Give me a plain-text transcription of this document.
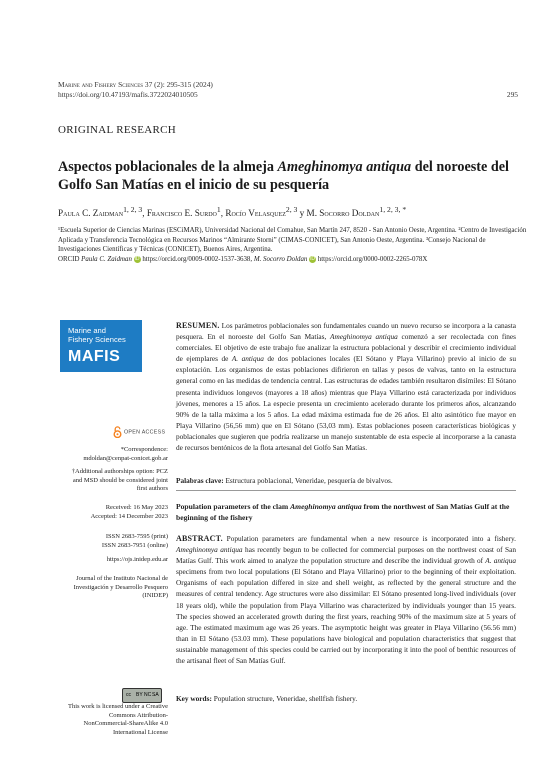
Marine and Fishery Sciences 37 (2): 295-315 (2024)
https://doi.org/10.47193/mafis.3722024010505	295
ORIGINAL RESEARCH
Aspectos poblacionales de la almeja Ameghinomya antiqua del noroeste del Golfo San Matías en el inicio de su pesquería
Paula C. Zaidman$^{1, 2, 3}$, Francisco E. Surdo$^1$, Rocío Velasquez$^{2, 3}$ y M. Socorro Doldan$^{1, 2, 3, *}$
¹Escuela Superior de Ciencias Marinas (ESCiMAR), Universidad Nacional del Comahue, San Martín 247, 8520 - San Antonio Oeste, Argentina. ²Centro de Investigación Aplicada y Transferencia Tecnológica en Recursos Marinos “Almirante Storni” (CIMAS-CONICET), San Antonio Oeste, Argentina. ³Consejo Nacional de Investigaciones Científicas y Técnicas (CONICET), Buenos Aires, Argentina.
ORCID Paula C. Zaidman iD https://orcid.org/0009-0002-1537-3638, M. Socorro Doldan iD https://orcid.org/0000-0002-2265-078X
Marine and
Fishery Sciences
MAFIS
RESUMEN. Los parámetros poblacionales son fundamentales cuando un nuevo recurso se incorpora a la canasta pesquera. En el noroeste del Golfo San Matías, Ameghinomya antiqua comenzó a ser recolectada con fines comerciales. El objetivo de este trabajo fue analizar la estructura poblacional y describir el crecimiento individual de ejemplares de A. antiqua de dos poblaciones locales (El Sótano y Playa Villarino) previo al inicio de su explotación. Los organismos de estas poblaciones difirieron en tallas y pesos de valvas, tanto en la estructura general como en las medidas de tendencia central. Las estructuras de edades también resultaron disímiles: El Sótano presenta individuos longevos (mayores a 18 años) mientras que Playa Villarino está caracterizada por individuos jóvenes, menores a 15 años. La especie presenta un crecimiento acelerado durante los primeros años, alcanzando 90% de la talla máxima a los 5 años. La edad máxima estimada fue de 26 años. El alto asintótico fue mayor en Playa Villarino (56,56 mm) que en El Sótano (53,03 mm). Estas poblaciones poseen características biológicas y poblacionales que sugieren que podría realizarse un manejo sustentable de esta especie al incorporarse a la canasta de recursos bentónicos de la flota artesanal del Golfo San Matías.
Palabras clave: Estructura poblacional, Veneridae, pesquería de bivalvos.
OPEN ACCESS
*Correspondence:
mdoldan@cenpat-conicet.gob.ar
†Additional authorships option: PCZ
and MSD should be considered joint
first authors
Received: 16 May 2023
Accepted: 14 December 2023
ISSN 2683-7595 (print)
ISSN 2683-7951 (online)
https://ojs.inidep.edu.ar
Journal of the Instituto Nacional de
Investigación y Desarrollo Pesquero
(INIDEP)
cc BY NC SA
This work is licensed under a Creative
Commons Attribution-
NonCommercial-ShareAlike 4.0
International License
Population parameters of the clam Ameghinomya antiqua from the northwest of San Matías Gulf at the beginning of the fishery
ABSTRACT. Population parameters are fundamental when a new resource is incorporated into a fishery. Ameghinomya antiqua has recently begun to be collected for commercial purposes on the northwest coast of San Matías Gulf. This work aimed to analyze the population structure and describe the individual growth of A. antiqua specimens from two local populations (El Sótano and Playa Villarino) prior to the beginning of their exploitation. Organisms of each population differed in size and shell weight, as reflected by the general structure and the measures of central tendency. Age structures were also dissimilar: El Sótano presented long-lived individuals (over 18 years old), while the population from Playa Villarino was characterized by individuals younger than 15 years. The species showed an accelerated growth during the first years, reaching 90% of the maximum size at 5 years of age. The estimated maximum age was 26 years. The asymptotic height was greater in Playa Villarino (56.56 mm) than in El Sótano (53.03 mm). These populations have biological and population characteristics that suggest that sustainable management of this species could be carried out by incorporating it into the pool of benthic resources of the artisanal fleet of San Matías Gulf.
Key words: Population structure, Veneridae, shellfish fishery.
